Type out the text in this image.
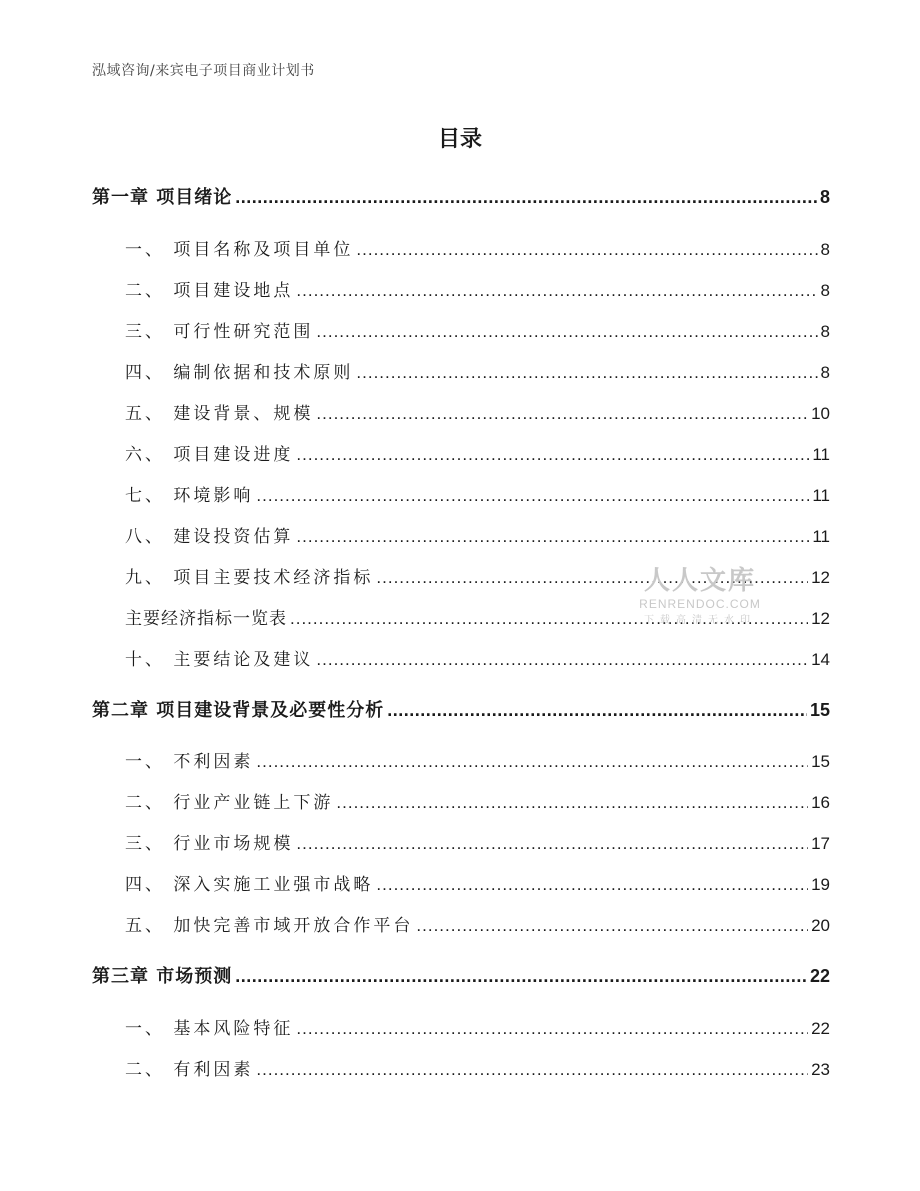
泓域咨询/来宾电子项目商业计划书
目录
第一章 项目绪论 .....	8
一、 项目名称及项目单位 .....	8
二、 项目建设地点 .....	8
三、 可行性研究范围 .....	8
四、 编制依据和技术原则 .....	8
五、 建设背景、规模 .....	10
六、 项目建设进度 .....	11
七、 环境影响 .....	11
八、 建设投资估算 .....	11
九、 项目主要技术经济指标 .....	12
主要经济指标一览表 .....	12
十、 主要结论及建议 .....	14
第二章 项目建设背景及必要性分析 .....	15
一、 不利因素 .....	15
二、 行业产业链上下游 .....	16
三、 行业市场规模 .....	17
四、 深入实施工业强市战略 .....	19
五、 加快完善市域开放合作平台 .....	20
第三章 市场预测 .....	22
一、 基本风险特征 .....	22
二、 有利因素 .....	23
人人文库
RENRENDOC.COM
下载高清无水印
